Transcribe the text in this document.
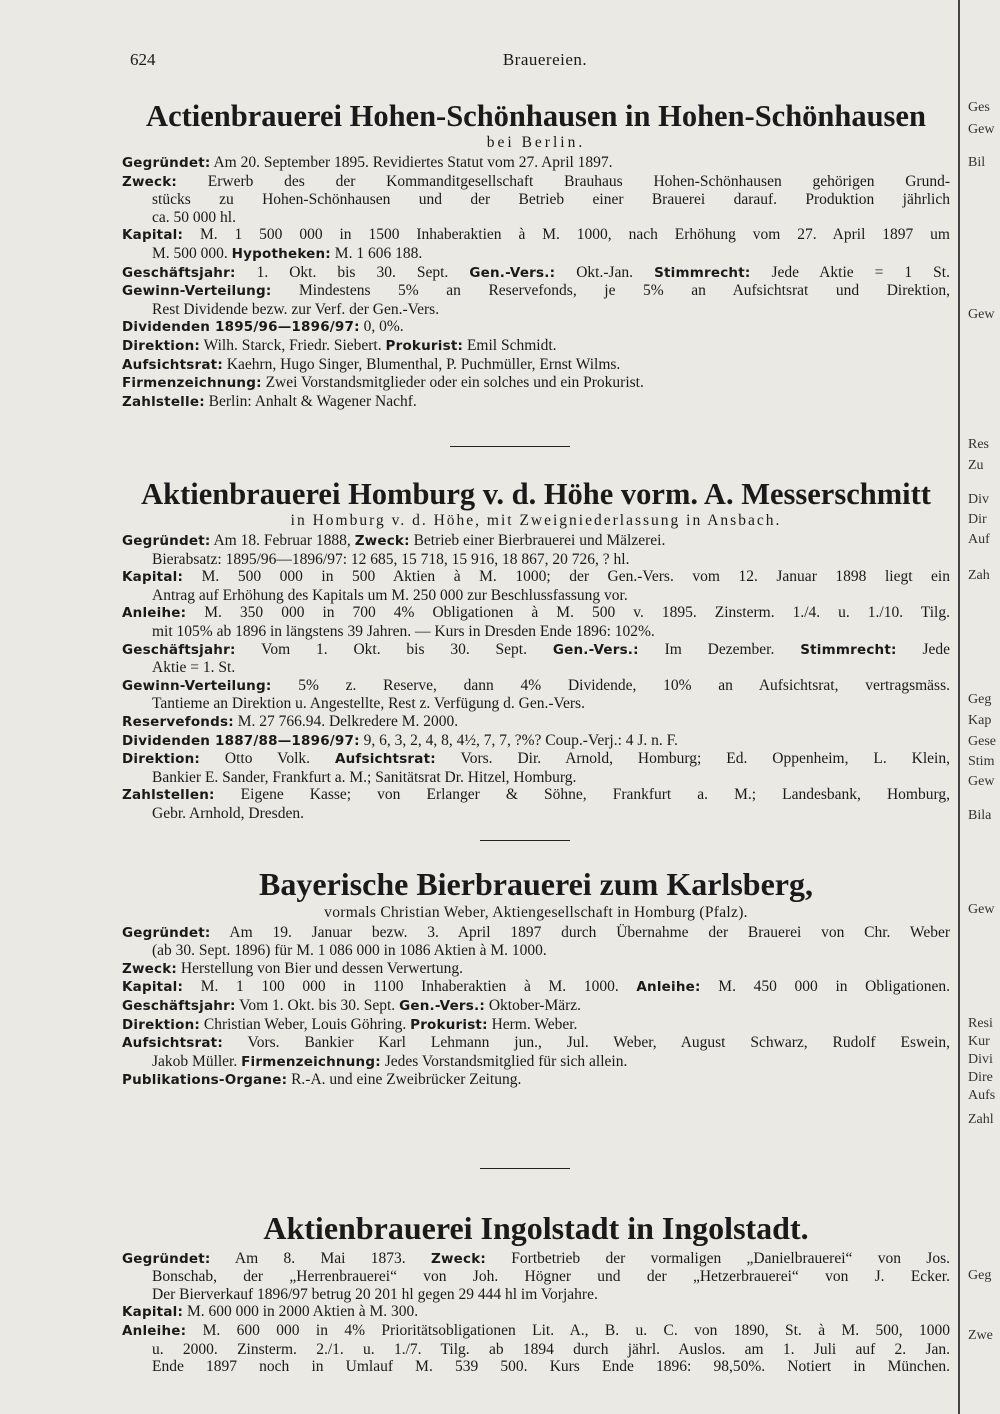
624	Brauereien.
Actienbrauerei Hohen-Schönhausen in Hohen-Schönhausen
bei Berlin.
Gegründet: Am 20. September 1895. Revidiertes Statut vom 27. April 1897.
Zweck: Erwerb des der Kommanditgesellschaft Brauhaus Hohen-Schönhausen gehörigen Grund-
stücks zu Hohen-Schönhausen und der Betrieb einer Brauerei darauf. Produktion jährlich
ca. 50 000 hl.
Kapital: M. 1 500 000 in 1500 Inhaberaktien à M. 1000, nach Erhöhung vom 27. April 1897 um
M. 500 000. Hypotheken: M. 1 606 188.
Geschäftsjahr: 1. Okt. bis 30. Sept. Gen.-Vers.: Okt.-Jan. Stimmrecht: Jede Aktie = 1 St.
Gewinn-Verteilung: Mindestens 5% an Reservefonds, je 5% an Aufsichtsrat und Direktion,
Rest Dividende bezw. zur Verf. der Gen.-Vers.
Dividenden 1895/96—1896/97: 0, 0%.
Direktion: Wilh. Starck, Friedr. Siebert. Prokurist: Emil Schmidt.
Aufsichtsrat: Kaehrn, Hugo Singer, Blumenthal, P. Puchmüller, Ernst Wilms.
Firmenzeichnung: Zwei Vorstandsmitglieder oder ein solches und ein Prokurist.
Zahlstelle: Berlin: Anhalt & Wagener Nachf.
Aktienbrauerei Homburg v. d. Höhe vorm. A. Messerschmitt
in Homburg v. d. Höhe, mit Zweigniederlassung in Ansbach.
Gegründet: Am 18. Februar 1888, Zweck: Betrieb einer Bierbrauerei und Mälzerei.
Bierabsatz: 1895/96—1896/97: 12 685, 15 718, 15 916, 18 867, 20 726, ? hl.
Kapital: M. 500 000 in 500 Aktien à M. 1000; der Gen.-Vers. vom 12. Januar 1898 liegt ein
Antrag auf Erhöhung des Kapitals um M. 250 000 zur Beschlussfassung vor.
Anleihe: M. 350 000 in 700 4% Obligationen à M. 500 v. 1895. Zinsterm. 1./4. u. 1./10. Tilg.
mit 105% ab 1896 in längstens 39 Jahren. — Kurs in Dresden Ende 1896: 102%.
Geschäftsjahr: Vom 1. Okt. bis 30. Sept. Gen.-Vers.: Im Dezember. Stimmrecht: Jede
Aktie = 1. St.
Gewinn-Verteilung: 5% z. Reserve, dann 4% Dividende, 10% an Aufsichtsrat, vertragsmäss.
Tantieme an Direktion u. Angestellte, Rest z. Verfügung d. Gen.-Vers.
Reservefonds: M. 27 766.94. Delkredere M. 2000.
Dividenden 1887/88—1896/97: 9, 6, 3, 2, 4, 8, 4½, 7, 7, ?%? Coup.-Verj.: 4 J. n. F.
Direktion: Otto Volk. Aufsichtsrat: Vors. Dir. Arnold, Homburg; Ed. Oppenheim, L. Klein,
Bankier E. Sander, Frankfurt a. M.; Sanitätsrat Dr. Hitzel, Homburg.
Zahlstellen: Eigene Kasse; von Erlanger & Söhne, Frankfurt a. M.; Landesbank, Homburg,
Gebr. Arnhold, Dresden.
Bayerische Bierbrauerei zum Karlsberg,
vormals Christian Weber, Aktiengesellschaft in Homburg (Pfalz).
Gegründet: Am 19. Januar bezw. 3. April 1897 durch Übernahme der Brauerei von Chr. Weber
(ab 30. Sept. 1896) für M. 1 086 000 in 1086 Aktien à M. 1000.
Zweck: Herstellung von Bier und dessen Verwertung.
Kapital: M. 1 100 000 in 1100 Inhaberaktien à M. 1000. Anleihe: M. 450 000 in Obligationen.
Geschäftsjahr: Vom 1. Okt. bis 30. Sept. Gen.-Vers.: Oktober-März.
Direktion: Christian Weber, Louis Göhring. Prokurist: Herm. Weber.
Aufsichtsrat: Vors. Bankier Karl Lehmann jun., Jul. Weber, August Schwarz, Rudolf Eswein,
Jakob Müller. Firmenzeichnung: Jedes Vorstandsmitglied für sich allein.
Publikations-Organe: R.-A. und eine Zweibrücker Zeitung.
Aktienbrauerei Ingolstadt in Ingolstadt.
Gegründet: Am 8. Mai 1873. Zweck: Fortbetrieb der vormaligen „Danielbrauerei“ von Jos.
Bonschab, der „Herrenbrauerei“ von Joh. Högner und der „Hetzerbrauerei“ von J. Ecker.
Der Bierverkauf 1896/97 betrug 20 201 hl gegen 29 444 hl im Vorjahre.
Kapital: M. 600 000 in 2000 Aktien à M. 300.
Anleihe: M. 600 000 in 4% Prioritätsobligationen Lit. A., B. u. C. von 1890, St. à M. 500, 1000
u. 2000. Zinsterm. 2./1. u. 1./7. Tilg. ab 1894 durch jährl. Auslos. am 1. Juli auf 2. Jan.
Ende 1897 noch in Umlauf M. 539 500. Kurs Ende 1896: 98,50%. Notiert in München.
Ges
Gew
Bil
Gew
Res
Zu
Div
Dir
Auf
Zah
Geg
Kap
Gese
Stim
Gew
Bila
Gew
Resi
Kur
Divi
Dire
Aufs
Zahl
Geg
Zwe
